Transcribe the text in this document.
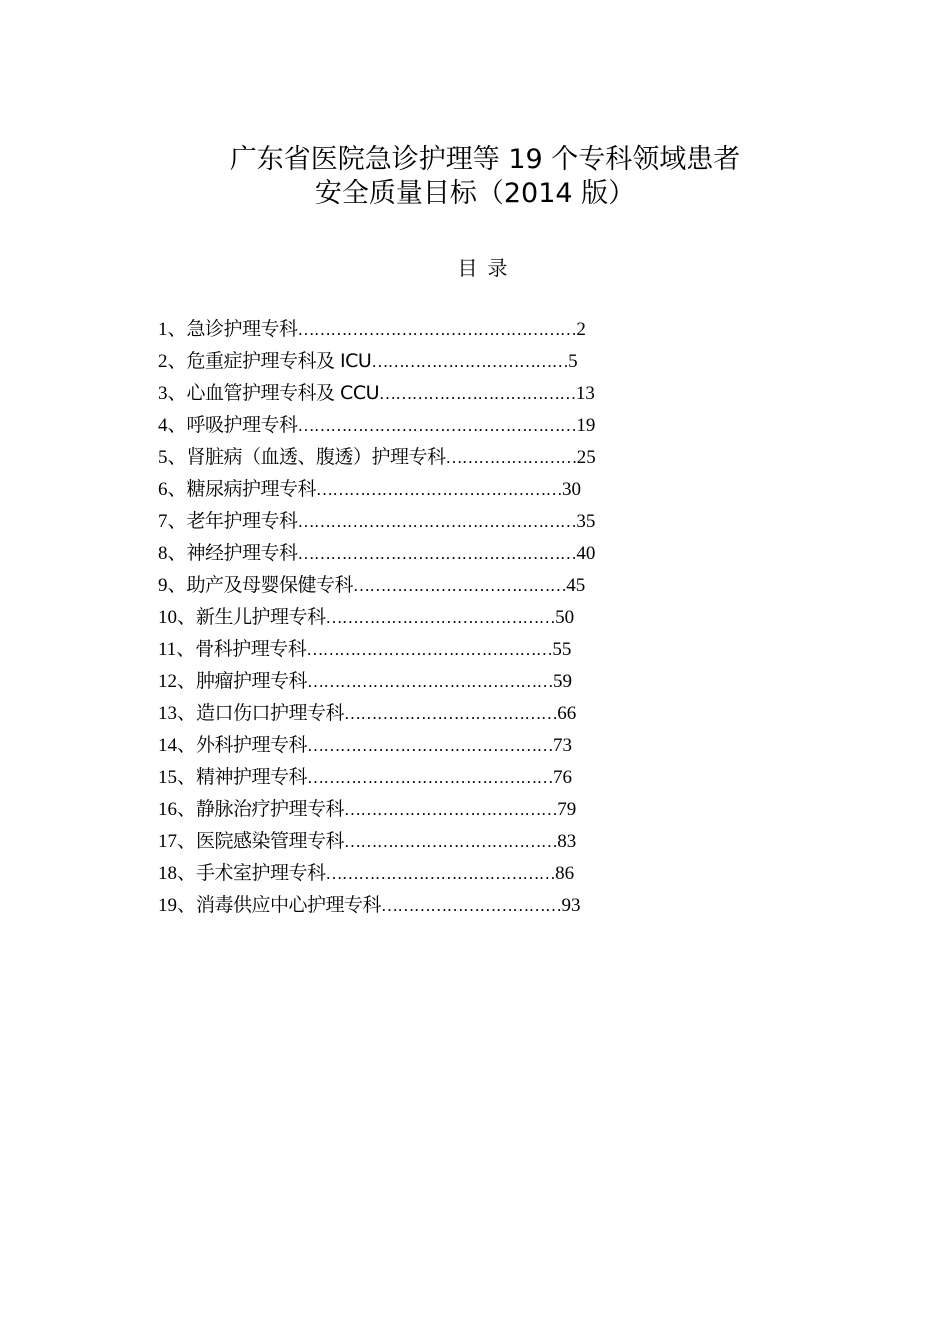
广东省医院急诊护理等 19 个专科领域患者
安全质量目标（2014 版）
目录
1、 急诊护理专科 …………………………………………… 2
2、 危重症护理专科及 ICU ……………………………… 5
3、 心血管护理专科及 CCU ……………………………… 13
4、 呼吸护理专科 …………………………………………… 19
5、 肾脏病（血透、腹透）护理专科 …………………… 25
6、 糖尿病护理专科 ……………………………………… 30
7、 老年护理专科 …………………………………………… 35
8、 神经护理专科 …………………………………………… 40
9、 助产及母婴保健专科 ………………………………… 45
10、 新生儿护理专科 …………………………………… 50
11、 骨科护理专科 ……………………………………… 55
12、 肿瘤护理专科 ……………………………………… 59
13、 造口伤口护理专科 ………………………………… 66
14、 外科护理专科 ……………………………………… 73
15、 精神护理专科 ……………………………………… 76
16、 静脉治疗护理专科 ………………………………… 79
17、 医院感染管理专科 ………………………………… 83
18、 手术室护理专科 …………………………………… 86
19、 消毒供应中心护理专科 …………………………… 93
